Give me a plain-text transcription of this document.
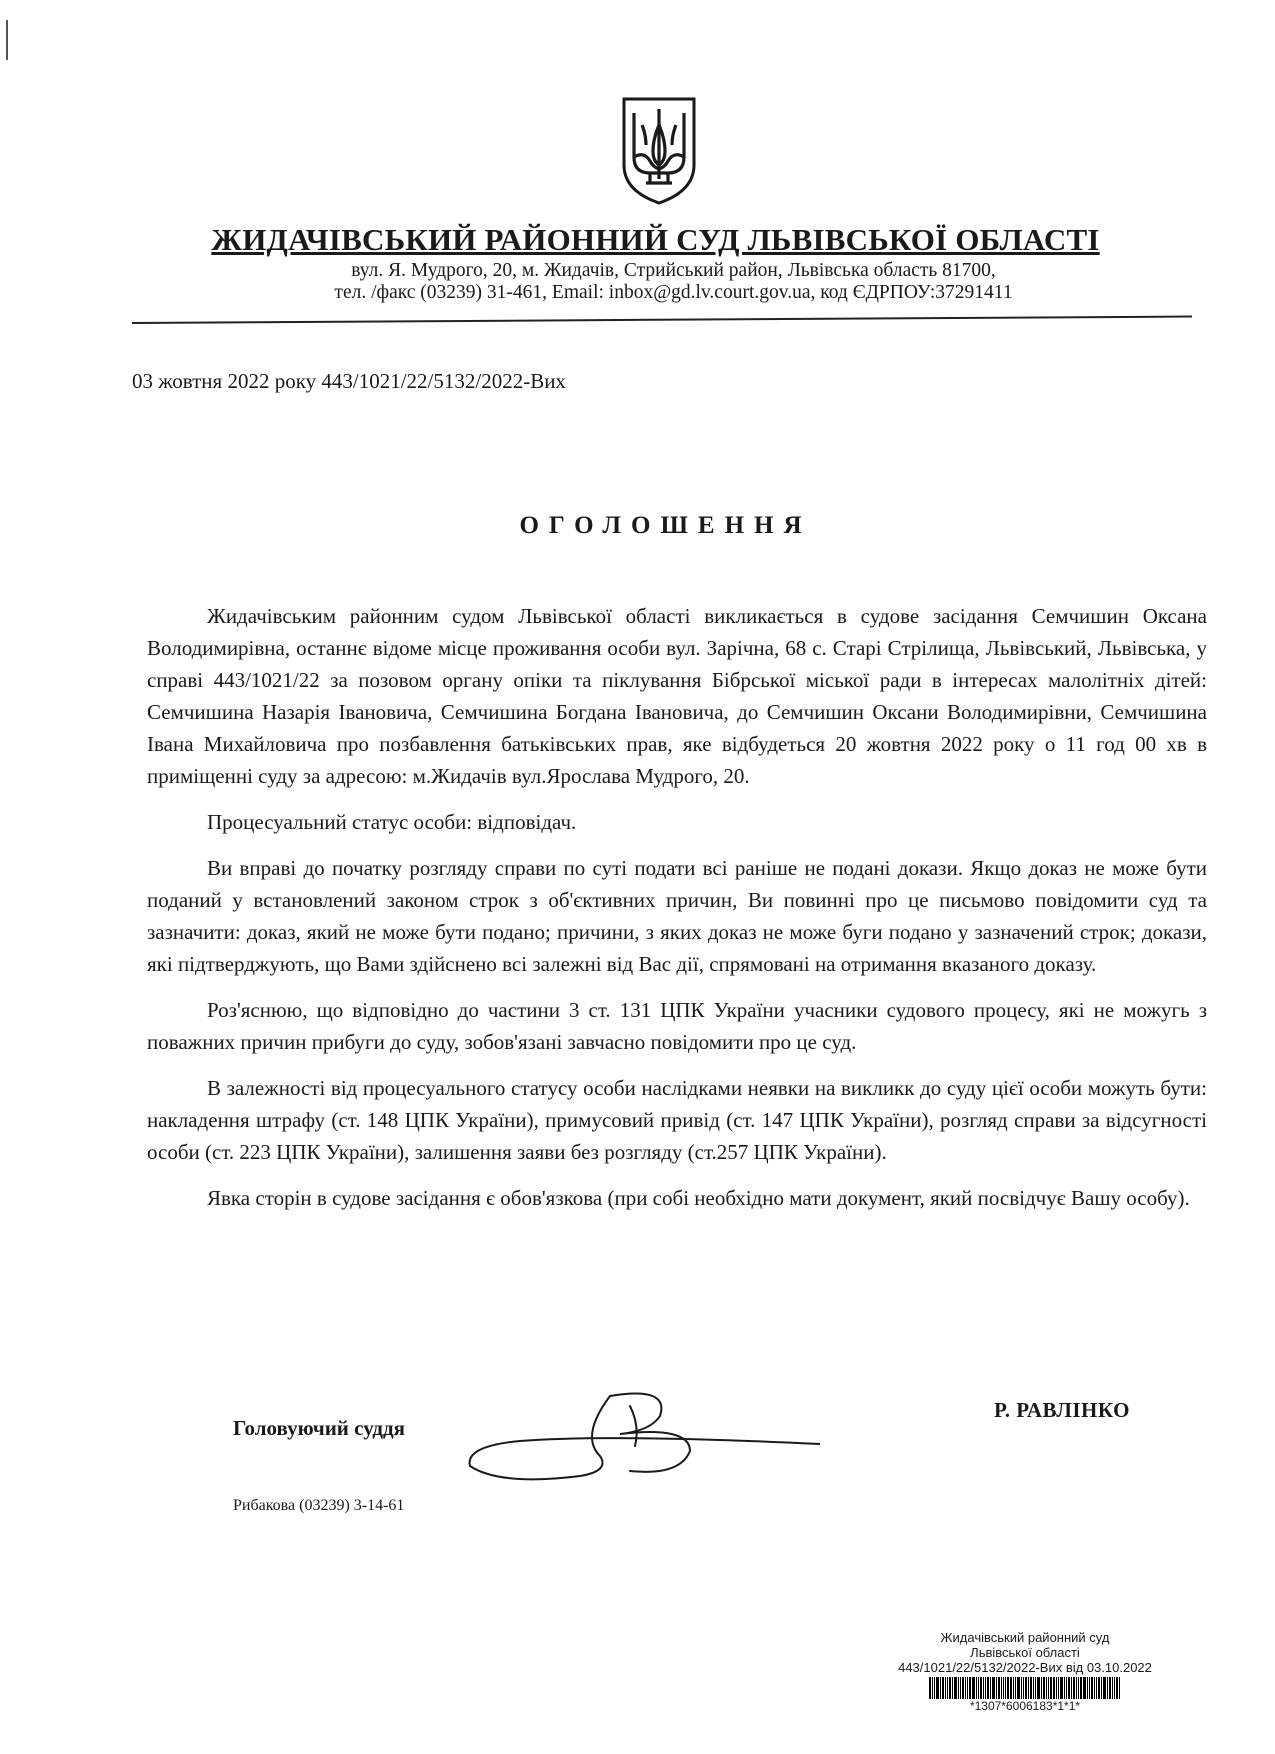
ЖИДАЧІВСЬКИЙ РАЙОННИЙ СУД ЛЬВІВСЬКОЇ ОБЛАСТІ
вул. Я. Мудрого, 20, м. Жидачів, Стрийський район, Львівська область 81700,
тел. /факс (03239) 31-461, Email: inbox@gd.lv.court.gov.ua, код ЄДРПОУ:37291411
03 жовтня 2022 року 443/1021/22/5132/2022-Вих
ОГОЛОШЕННЯ

Жидачівським районним судом Львівської області викликається в судове засідання Семчишин Оксана Володимирівна, останнє відоме місце проживання особи вул. Зарічна, 68 с. Старі Стрілища, Львівський, Львівська, у справі 443/1021/22 за позовом органу опіки та піклування Бібрської міської ради в інтересах малолітніх дітей: Семчишина Назарія Івановича, Семчишина Богдана Івановича, до Семчишин Оксани Володимирівни, Семчишина Івана Михайловича про позбавлення батьківських прав, яке відбудеться 20 жовтня 2022 року о 11 год 00 хв в приміщенні суду за адресою: м.Жидачів вул.Ярослава Мудрого, 20.

Процесуальний статус особи: відповідач.

Ви вправі до початку розгляду справи по суті подати всі раніше не подані докази. Якщо доказ не може бути поданий у встановлений законом строк з об'єктивних причин, Ви повинні про це письмово повідомити суд та зазначити: доказ, який не може бути подано; причини, з яких доказ не може буги подано у зазначений строк; докази, які підтверджують, що Вами здійснено всі залежні від Вас дії, спрямовані на отримання вказаного доказу.

Роз'яснюю, що відповідно до частини 3 ст. 131 ЦПК України учасники судового процесу, які не можугь з поважних причин прибуги до суду, зобов'язані завчасно повідомити про це суд.

В залежності від процесуального статусу особи наслідками неявки на викликк до суду цієї особи можуть бути: накладення штрафу (ст. 148 ЦПК України), примусовий привід (ст. 147 ЦПК України), розгляд справи за відсугності особи (ст. 223 ЦПК України), залишення заяви без розгляду (ст.257 ЦПК України).

Явка сторін в судове засідання є обов'язкова (при собі необхідно мати документ, який посвідчує Вашу особу).

Головуючий суддя
Р. РАВЛІНКО
Рибакова (03239) 3-14-61
Жидачівський районний суд
Львівської області
443/1021/22/5132/2022-Вих від 03.10.2022
*1307*6006183*1*1*
